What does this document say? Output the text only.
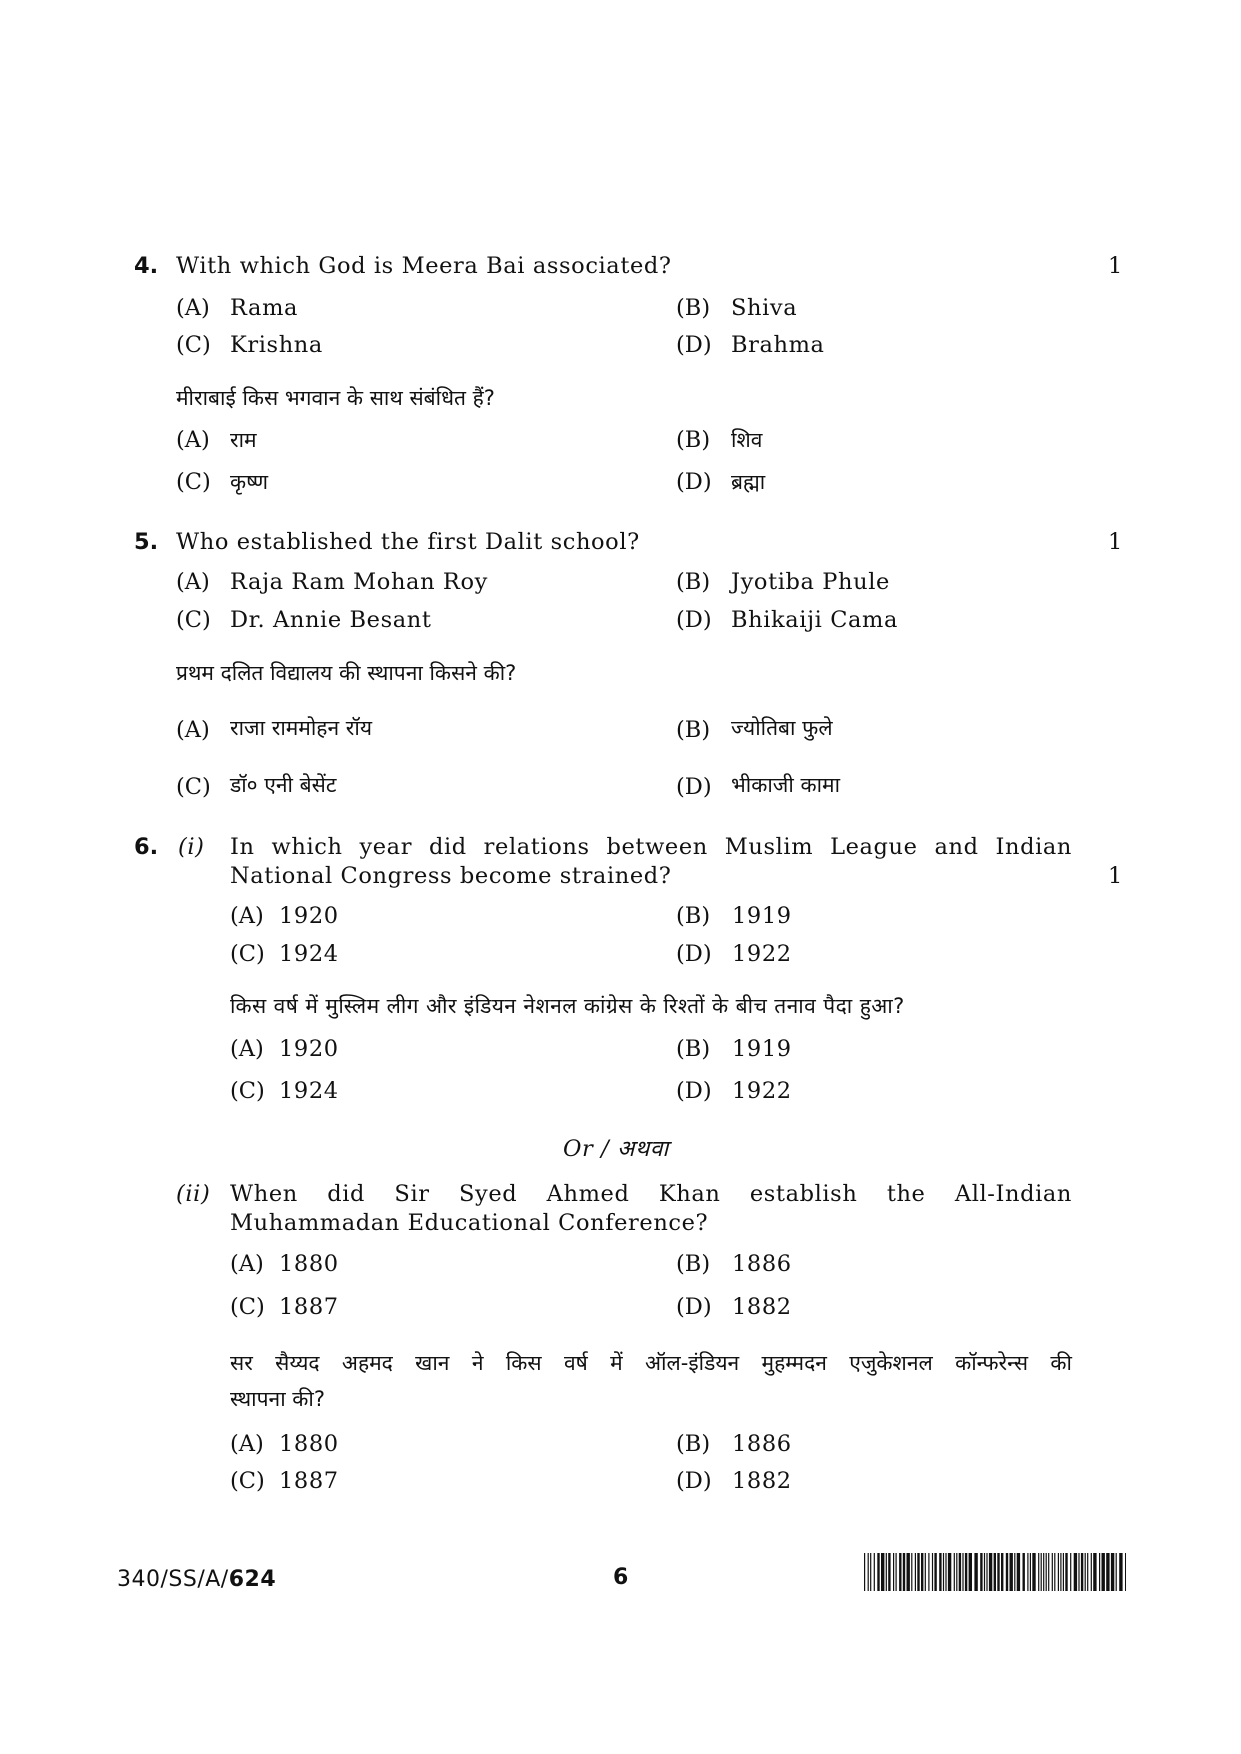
4. With which God is Meera Bai associated?	1
(A) Rama	(B) Shiva
(C) Krishna	(D) Brahma
मीराबाई किस भगवान के साथ संबंधित हैं?
(A) राम	(B) शिव
(C) कृष्ण	(D) ब्रह्मा
5. Who established the first Dalit school?	1
(A) Raja Ram Mohan Roy	(B) Jyotiba Phule
(C) Dr. Annie Besant	(D) Bhikaiji Cama
प्रथम दलित विद्यालय की स्थापना किसने की?
(A) राजा राममोहन रॉय	(B) ज्योतिबा फुले
(C) डॉ० एनी बेसेंट	(D) भीकाजी कामा
6. (i) In which year did relations between Muslim League and Indian
National Congress become strained?	1
(A) 1920	(B) 1919
(C) 1924	(D) 1922
किस वर्ष में मुस्लिम लीग और इंडियन नेशनल कांग्रेस के रिश्तों के बीच तनाव पैदा हुआ?
(A) 1920	(B) 1919
(C) 1924	(D) 1922
Or / अथवा
(ii) When did Sir Syed Ahmed Khan establish the All-Indian
Muhammadan Educational Conference?
(A) 1880	(B) 1886
(C) 1887	(D) 1882
सर सैय्यद अहमद खान ने किस वर्ष में ऑल-इंडियन मुहम्मदन एजुकेशनल कॉन्फरेन्स की
स्थापना की?
(A) 1880	(B) 1886
(C) 1887	(D) 1882
340/SS/A/624	6
